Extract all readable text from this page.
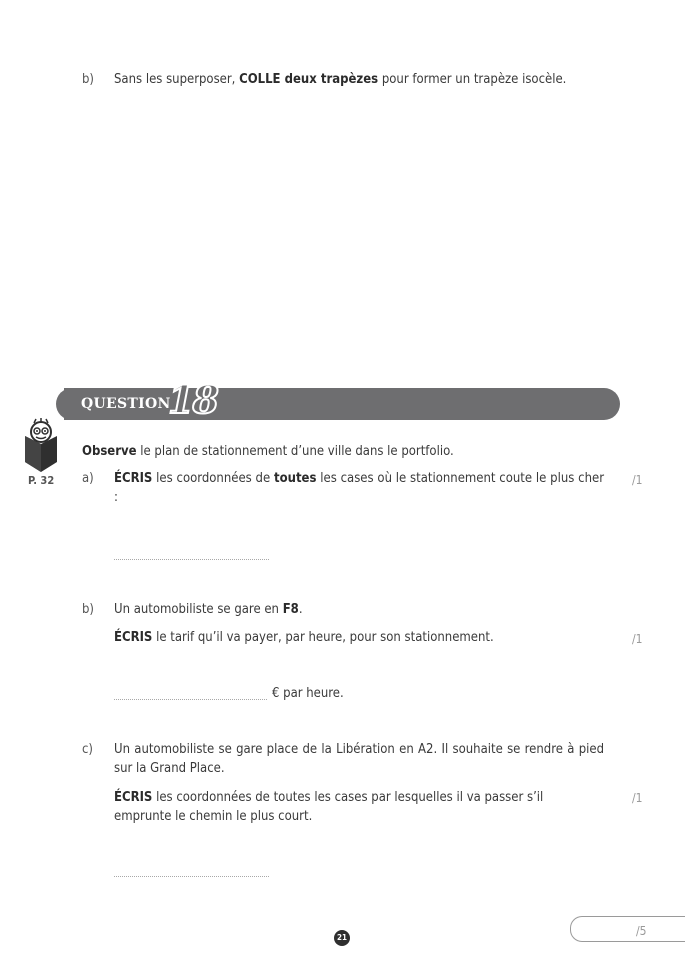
b) Sans les superposer, COLLE deux trapèzes pour former un trapèze isocèle.
QUESTION
18
P. 32
Observe le plan de stationnement d’une ville dans le portfolio.
a) ÉCRIS les coordonnées de toutes les cases où le stationnement coute le plus cher :
/1
b) Un automobiliste se gare en F8.
ÉCRIS le tarif qu’il va payer, par heure, pour son stationnement.	/1
€ par heure.
c) Un automobiliste se gare place de la Libération en A2. Il souhaite se rendre à pied sur la Grand Place.
ÉCRIS les coordonnées de toutes les cases par lesquelles il va passer s’il emprunte le chemin le plus court.
/1
21	/5
